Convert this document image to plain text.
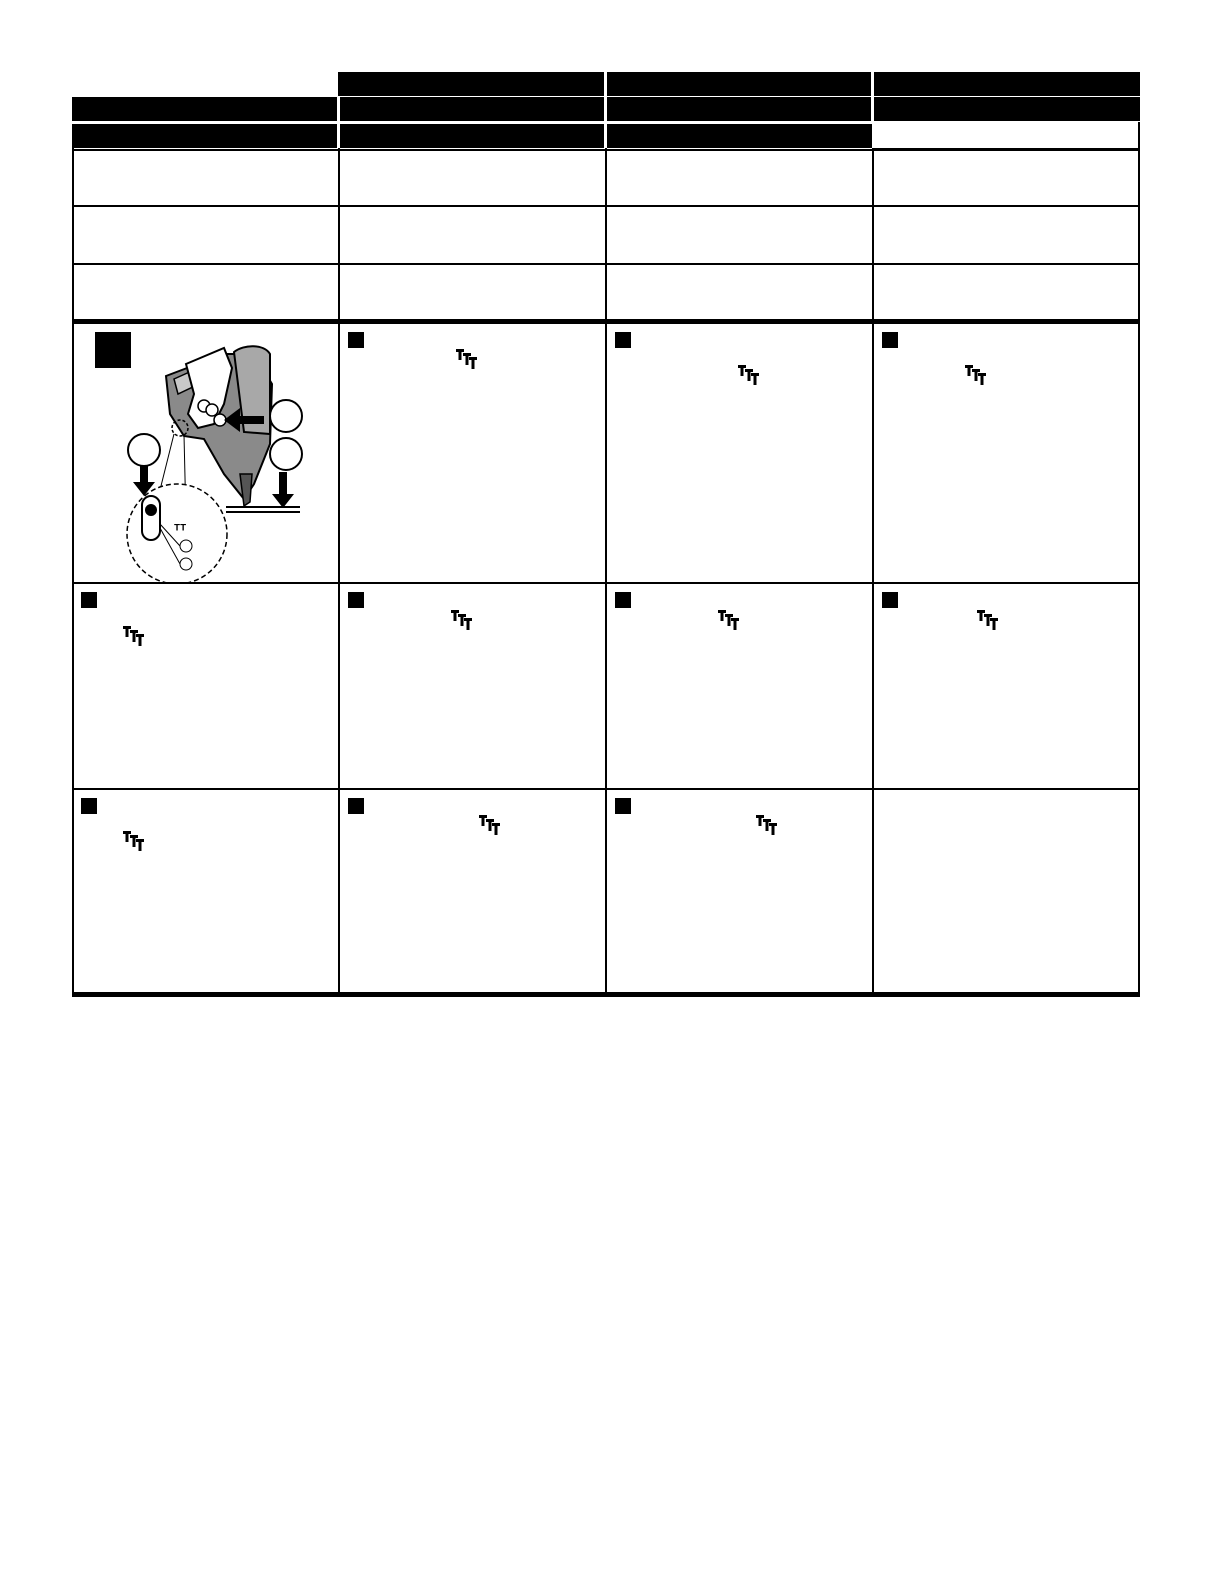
ᵀᵀ
